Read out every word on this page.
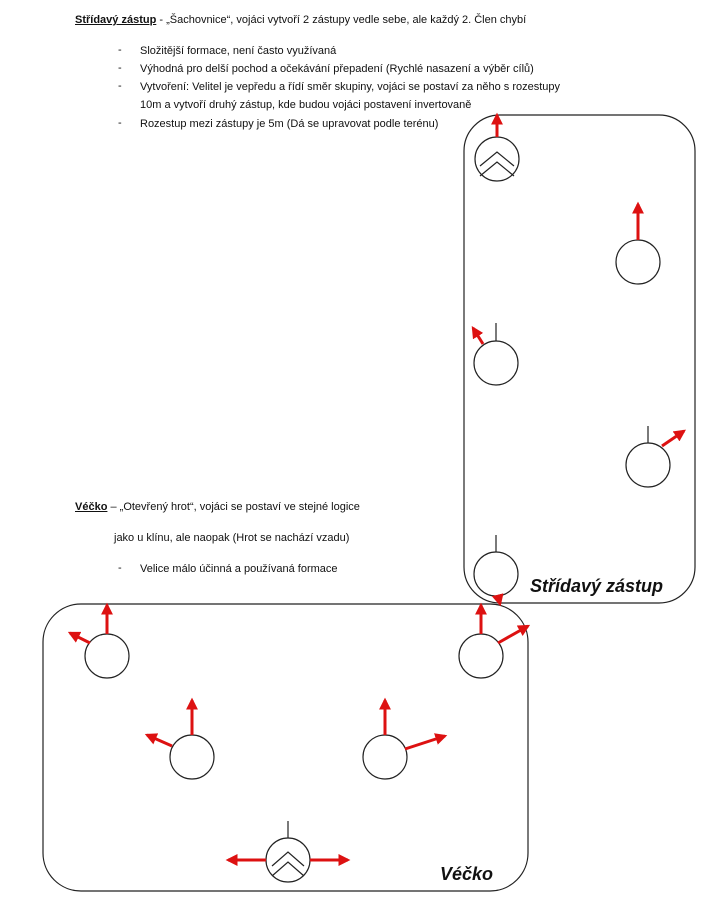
Střídavý zástup - „Šachovnice“, vojáci vytvoří 2 zástupy vedle sebe, ale každý 2. Člen chybí
- Složitější formace, není často využívaná
- Výhodná pro delší pochod a očekávání přepadení (Rychlé nasazení a výběr cílů)
- Vytvoření: Velitel je vepředu a řídí směr skupiny, vojáci se postaví za něho s rozestupy
10m a vytvoří druhý zástup, kde budou vojáci postavení invertovaně
- Rozestup mezi zástupy je 5m (Dá se upravovat podle terénu)
Véčko – „Otevřený hrot“, vojáci se postaví ve stejné logice
jako u klínu, ale naopak (Hrot se nachází vzadu)
- Velice málo účinná a používaná formace
Střídavý zástup
Véčko
